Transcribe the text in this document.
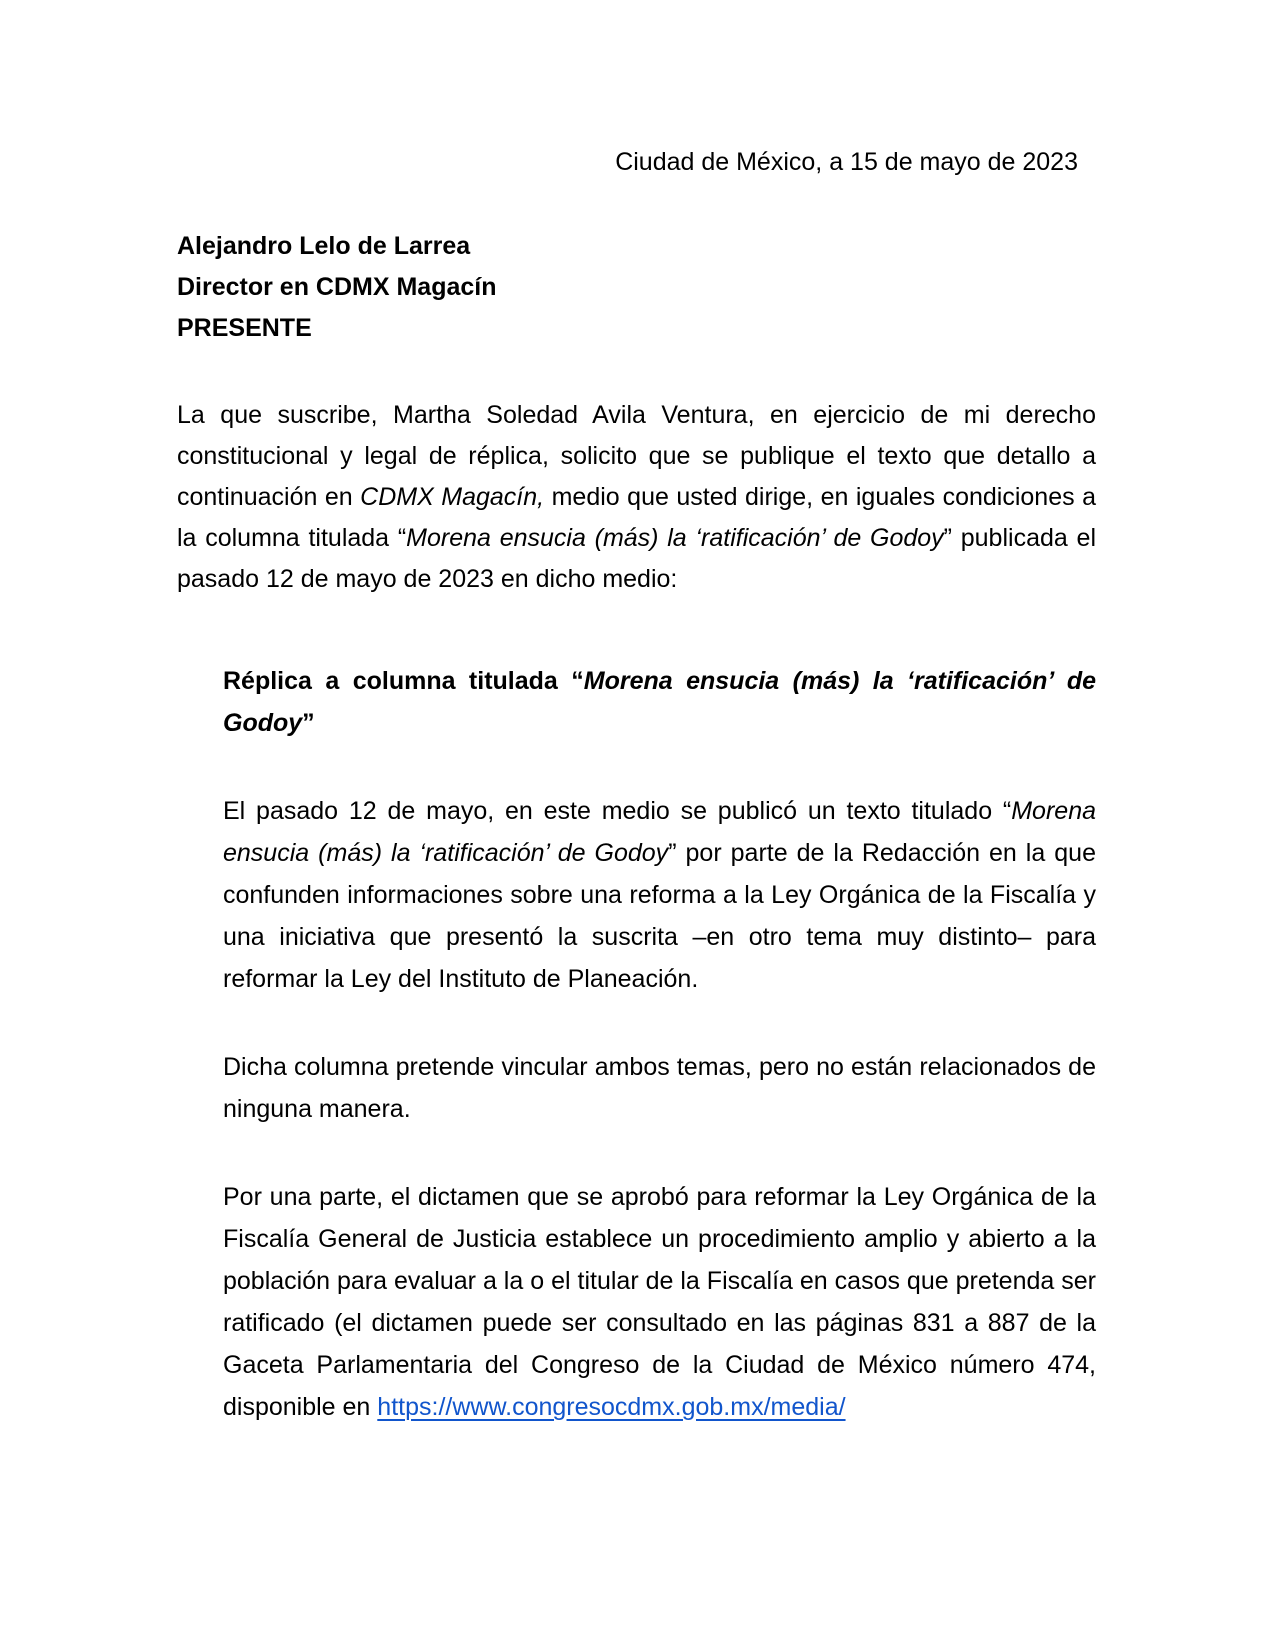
Ciudad de México, a 15 de mayo de 2023
Alejandro Lelo de Larrea
Director en CDMX Magacín
PRESENTE

La que suscribe, Martha Soledad Avila Ventura, en ejercicio de mi derecho constitucional y legal de réplica, solicito que se publique el texto que detallo a continuación en CDMX Magacín, medio que usted dirige, en iguales condiciones a la columna titulada “Morena ensucia (más) la ‘ratificación’ de Godoy” publicada el pasado 12 de mayo de 2023 en dicho medio:

Réplica a columna titulada “Morena ensucia (más) la ‘ratificación’ de Godoy”

El pasado 12 de mayo, en este medio se publicó un texto titulado “Morena ensucia (más) la ‘ratificación’ de Godoy” por parte de la Redacción en la que confunden informaciones sobre una reforma a la Ley Orgánica de la Fiscalía y una iniciativa que presentó la suscrita –en otro tema muy distinto– para reformar la Ley del Instituto de Planeación.

Dicha columna pretende vincular ambos temas, pero no están relacionados de ninguna manera.

Por una parte, el dictamen que se aprobó para reformar la Ley Orgánica de la Fiscalía General de Justicia establece un procedimiento amplio y abierto a la población para evaluar a la o el titular de la Fiscalía en casos que pretenda ser ratificado (el dictamen puede ser consultado en las páginas 831 a 887 de la Gaceta Parlamentaria del Congreso de la Ciudad de México número 474, disponible en https://www.congresocdmx.gob.mx/media/
